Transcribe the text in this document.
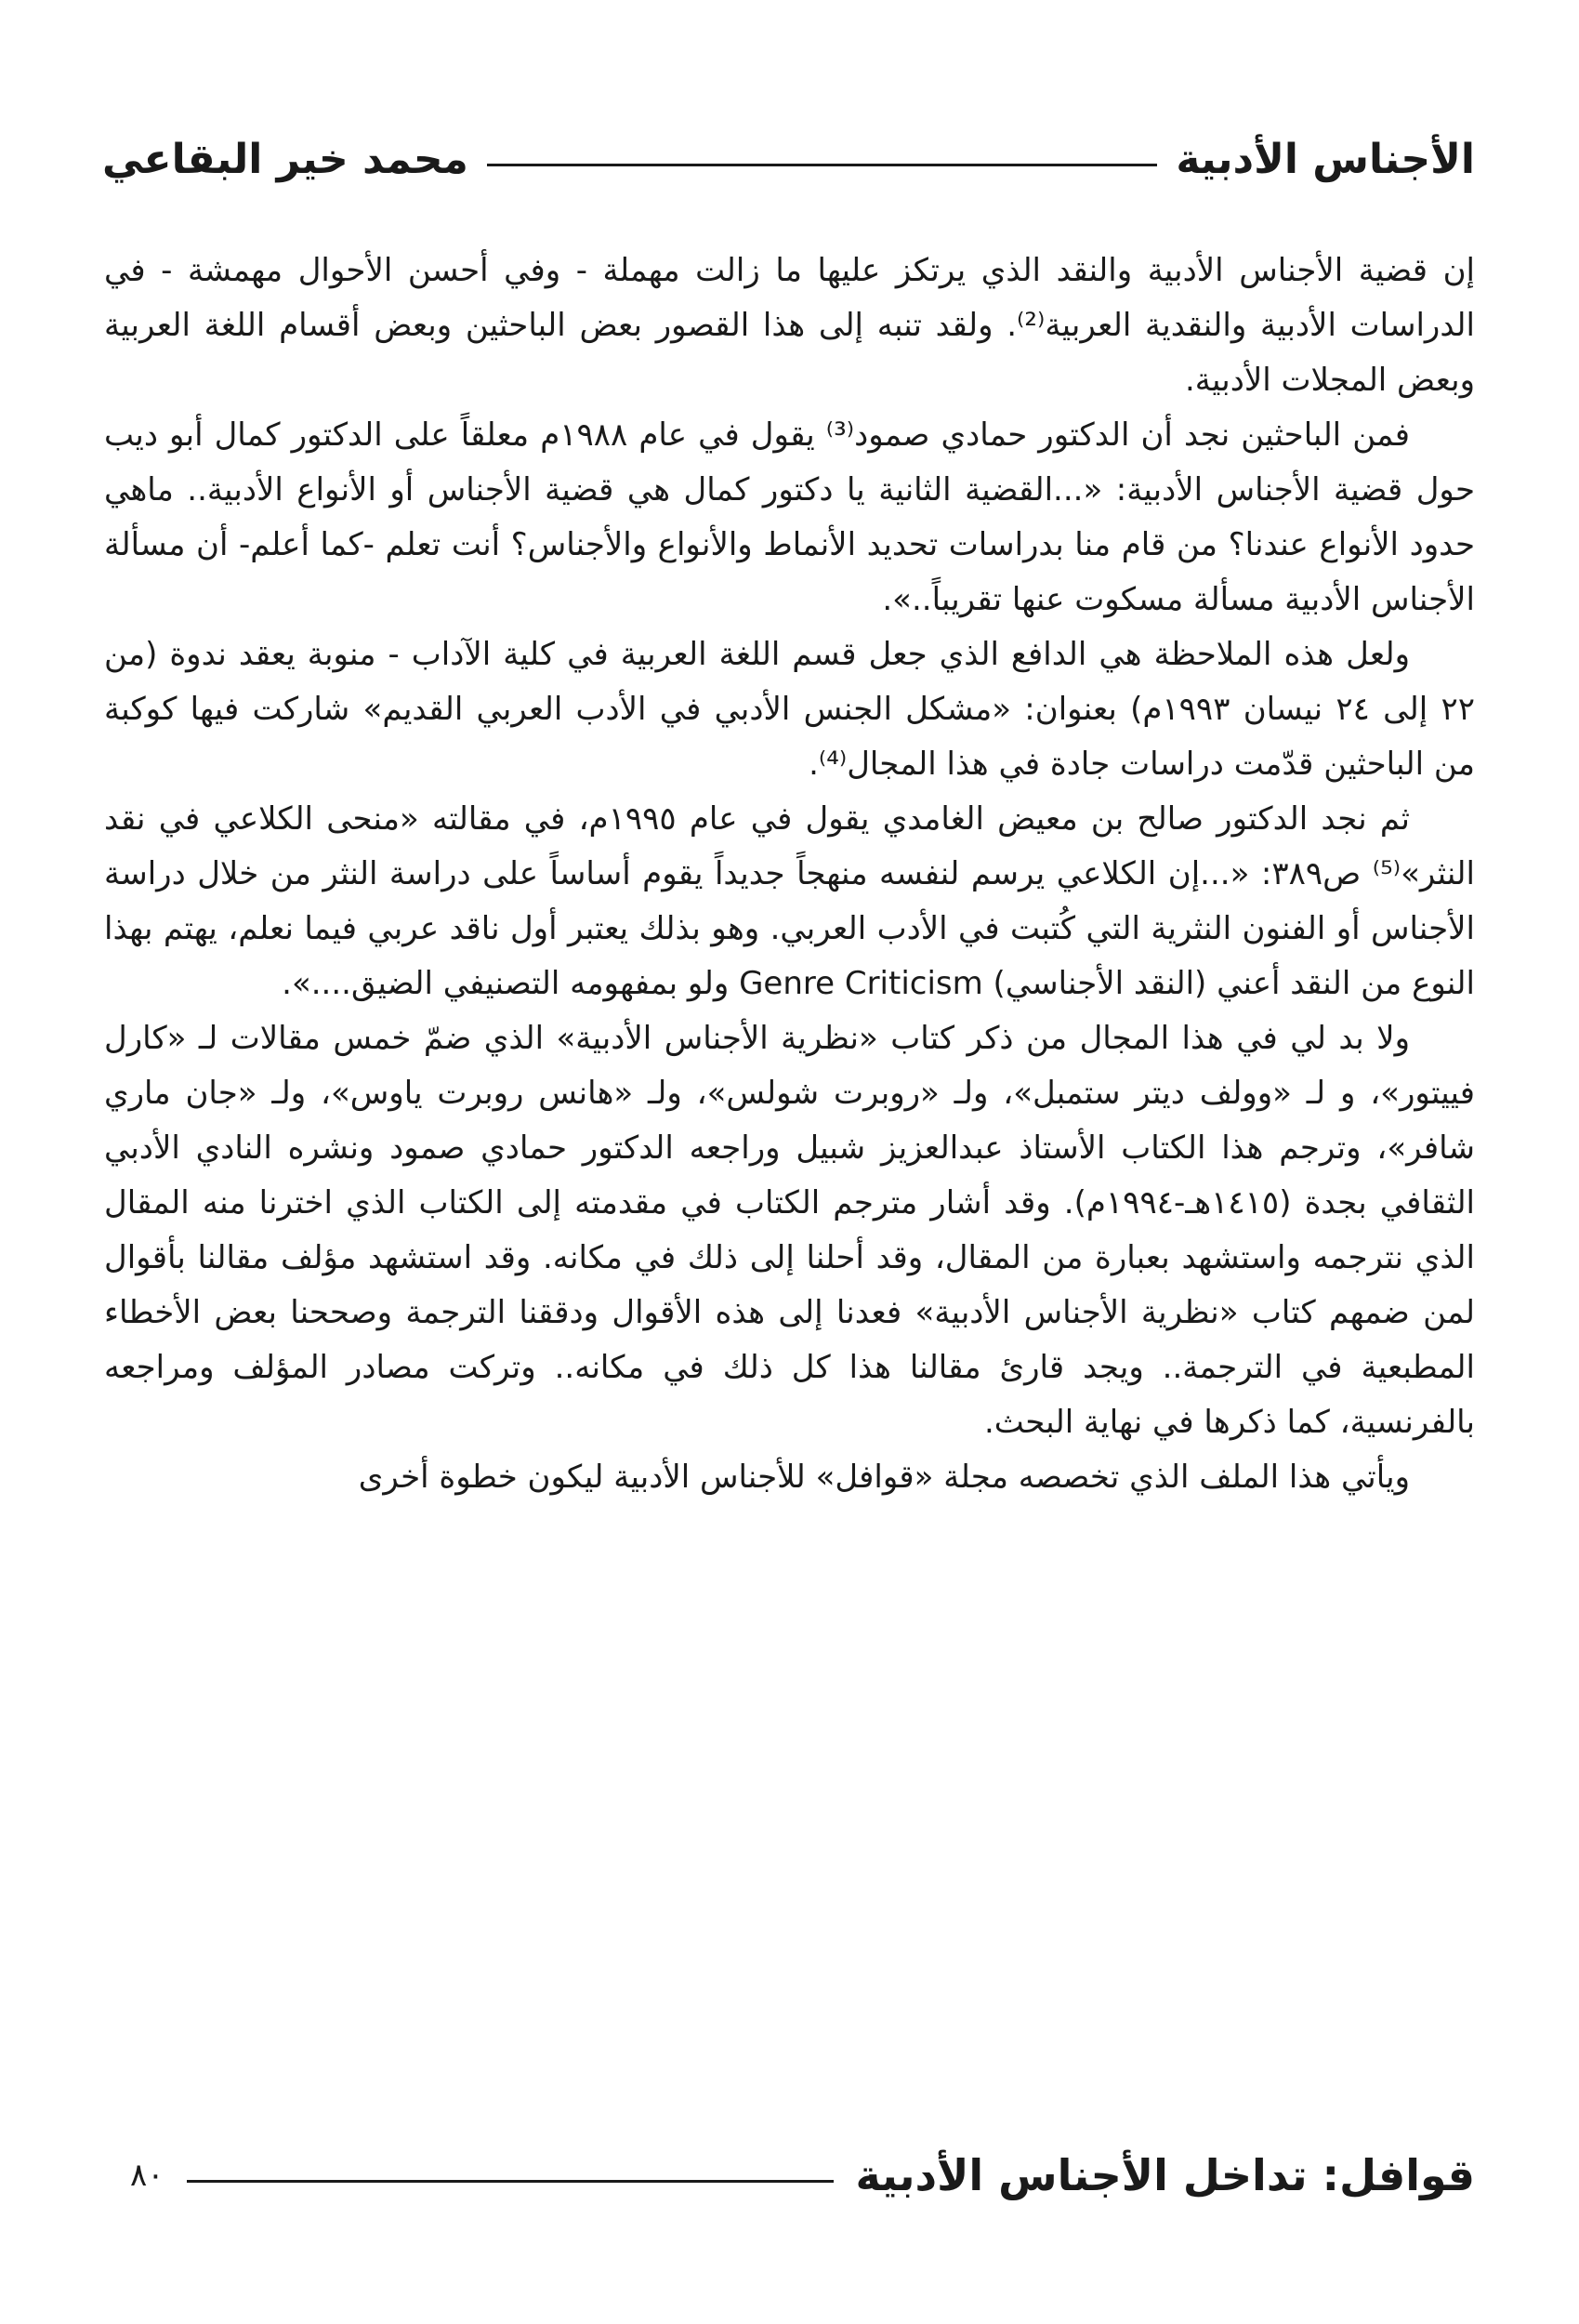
الأجناس الأدبية
محمد خير البقاعي

إن قضية الأجناس الأدبية والنقد الذي يرتكز عليها ما زالت مهملة - وفي أحسن الأحوال مهمشة - في الدراسات الأدبية والنقدية العربية⁽²⁾. ولقد تنبه إلى هذا القصور بعض الباحثين وبعض أقسام اللغة العربية وبعض المجلات الأدبية.

فمن الباحثين نجد أن الدكتور حمادي صمود⁽³⁾ يقول في عام ١٩٨٨م معلقاً على الدكتور كمال أبو ديب حول قضية الأجناس الأدبية: «...القضية الثانية يا دكتور كمال هي قضية الأجناس أو الأنواع الأدبية.. ماهي حدود الأنواع عندنا؟ من قام منا بدراسات تحديد الأنماط والأنواع والأجناس؟ أنت تعلم -كما أعلم- أن مسألة الأجناس الأدبية مسألة مسكوت عنها تقريباً..».

ولعل هذه الملاحظة هي الدافع الذي جعل قسم اللغة العربية في كلية الآداب - منوبة يعقد ندوة (من ٢٢ إلى ٢٤ نيسان ١٩٩٣م) بعنوان: «مشكل الجنس الأدبي في الأدب العربي القديم» شاركت فيها كوكبة من الباحثين قدّمت دراسات جادة في هذا المجال⁽⁴⁾.

ثم نجد الدكتور صالح بن معيض الغامدي يقول في عام ١٩٩٥م، في مقالته «منحى الكلاعي في نقد النثر»⁽⁵⁾ ص٣٨٩: «...إن الكلاعي يرسم لنفسه منهجاً جديداً يقوم أساساً على دراسة النثر من خلال دراسة الأجناس أو الفنون النثرية التي كُتبت في الأدب العربي. وهو بذلك يعتبر أول ناقد عربي فيما نعلم، يهتم بهذا النوع من النقد أعني (النقد الأجناسي) Genre Criticism ولو بمفهومه التصنيفي الضيق....».

ولا بد لي في هذا المجال من ذكر كتاب «نظرية الأجناس الأدبية» الذي ضمّ خمس مقالات لـ «كارل فييتور»، و لـ «وولف ديتر ستمبل»، ولـ «روبرت شولس»، ولـ «هانس روبرت ياوس»، ولـ «جان ماري شافر»، وترجم هذا الكتاب الأستاذ عبدالعزيز شبيل وراجعه الدكتور حمادي صمود ونشره النادي الأدبي الثقافي بجدة (١٤١٥هـ-١٩٩٤م). وقد أشار مترجم الكتاب في مقدمته إلى الكتاب الذي اخترنا منه المقال الذي نترجمه واستشهد بعبارة من المقال، وقد أحلنا إلى ذلك في مكانه. وقد استشهد مؤلف مقالنا بأقوال لمن ضمهم كتاب «نظرية الأجناس الأدبية» فعدنا إلى هذه الأقوال ودققنا الترجمة وصححنا بعض الأخطاء المطبعية في الترجمة.. ويجد قارئ مقالنا هذا كل ذلك في مكانه.. وتركت مصادر المؤلف ومراجعه بالفرنسية، كما ذكرها في نهاية البحث.

ويأتي هذا الملف الذي تخصصه مجلة «قوافل» للأجناس الأدبية ليكون خطوة أخرى

قوافل: تداخل الأجناس الأدبية
٨٠
